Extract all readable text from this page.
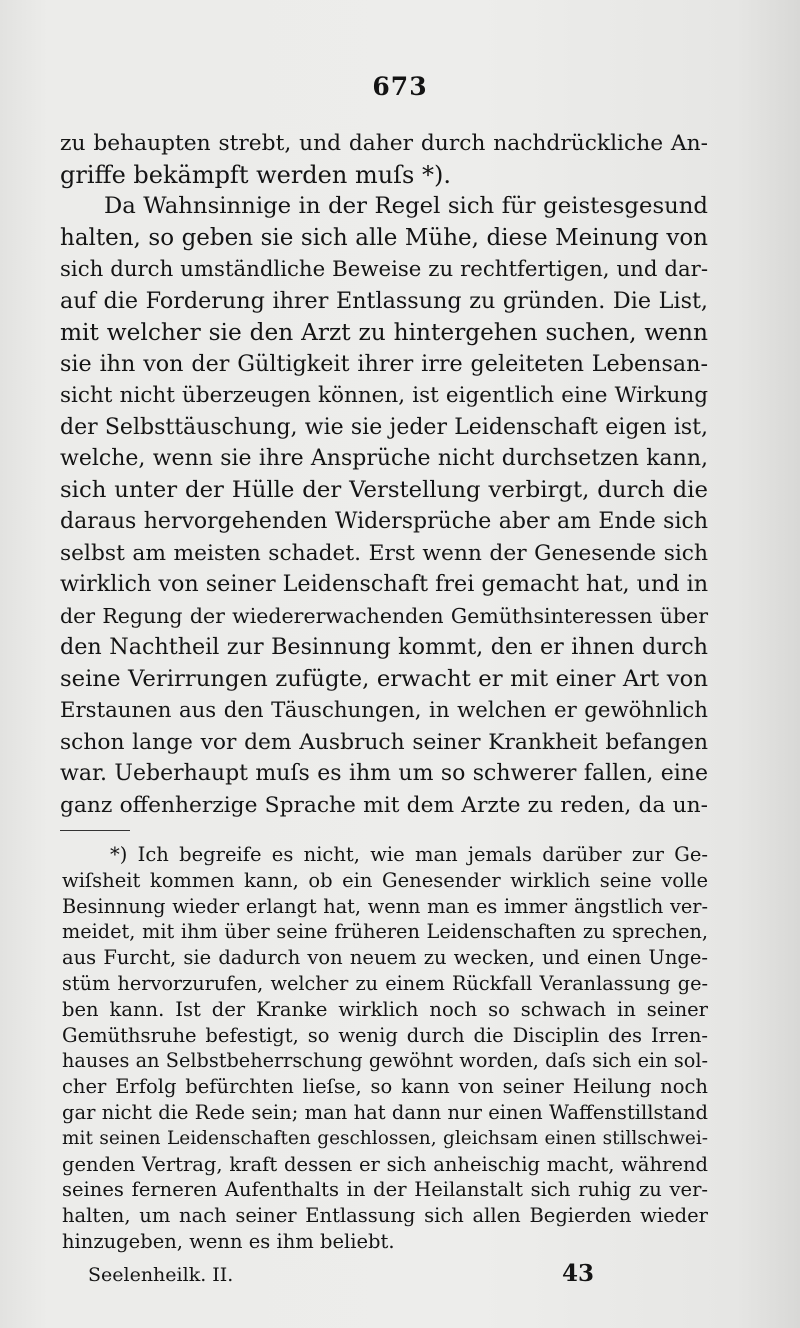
673
zu behaupten strebt, und daher durch nachdrückliche An-
griffe bekämpft werden muſs *).
Da Wahnsinnige in der Regel sich für geistesgesund
halten, so geben sie sich alle Mühe, diese Meinung von
sich durch umständliche Beweise zu rechtfertigen, und dar-
auf die Forderung ihrer Entlassung zu gründen. Die List,
mit welcher sie den Arzt zu hintergehen suchen, wenn
sie ihn von der Gültigkeit ihrer irre geleiteten Lebensan-
sicht nicht überzeugen können, ist eigentlich eine Wirkung
der Selbsttäuschung, wie sie jeder Leidenschaft eigen ist,
welche, wenn sie ihre Ansprüche nicht durchsetzen kann,
sich unter der Hülle der Verstellung verbirgt, durch die
daraus hervorgehenden Widersprüche aber am Ende sich
selbst am meisten schadet. Erst wenn der Genesende sich
wirklich von seiner Leidenschaft frei gemacht hat, und in
der Regung der wiedererwachenden Gemüthsinteressen über
den Nachtheil zur Besinnung kommt, den er ihnen durch
seine Verirrungen zufügte, erwacht er mit einer Art von
Erstaunen aus den Täuschungen, in welchen er gewöhnlich
schon lange vor dem Ausbruch seiner Krankheit befangen
war. Ueberhaupt muſs es ihm um so schwerer fallen, eine
ganz offenherzige Sprache mit dem Arzte zu reden, da un-
*) Ich begreife es nicht, wie man jemals darüber zur Ge-
wiſsheit kommen kann, ob ein Genesender wirklich seine volle
Besinnung wieder erlangt hat, wenn man es immer ängstlich ver-
meidet, mit ihm über seine früheren Leidenschaften zu sprechen,
aus Furcht, sie dadurch von neuem zu wecken, und einen Unge-
stüm hervorzurufen, welcher zu einem Rückfall Veranlassung ge-
ben kann. Ist der Kranke wirklich noch so schwach in seiner
Gemüthsruhe befestigt, so wenig durch die Disciplin des Irren-
hauses an Selbstbeherrschung gewöhnt worden, daſs sich ein sol-
cher Erfolg befürchten lieſse, so kann von seiner Heilung noch
gar nicht die Rede sein; man hat dann nur einen Waffenstillstand
mit seinen Leidenschaften geschlossen, gleichsam einen stillschwei-
genden Vertrag, kraft dessen er sich anheischig macht, während
seines ferneren Aufenthalts in der Heilanstalt sich ruhig zu ver-
halten, um nach seiner Entlassung sich allen Begierden wieder
hinzugeben, wenn es ihm beliebt.
Seelenheilk. II.	43
